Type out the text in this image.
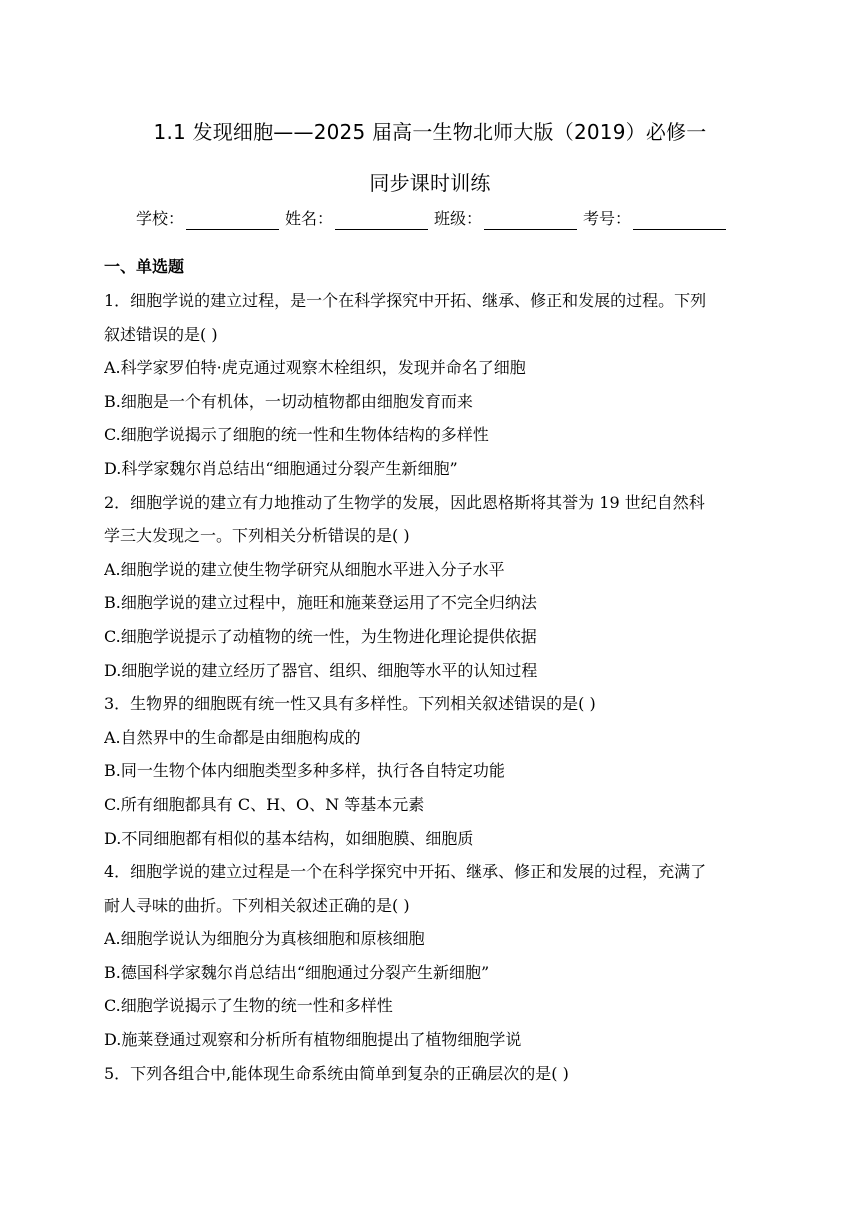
1.1 发现细胞——2025 届高一生物北师大版（2019）必修一
同步课时训练
学校：	姓名：	班级：	考号：
一、单选题
1．细胞学说的建立过程，是一个在科学探究中开拓、继承、修正和发展的过程。下列
叙述错误的是( )
A.科学家罗伯特·虎克通过观察木栓组织，发现并命名了细胞
B.细胞是一个有机体，一切动植物都由细胞发育而来
C.细胞学说揭示了细胞的统一性和生物体结构的多样性
D.科学家魏尔肖总结出“细胞通过分裂产生新细胞”
2．细胞学说的建立有力地推动了生物学的发展，因此恩格斯将其誉为 19 世纪自然科
学三大发现之一。下列相关分析错误的是( )
A.细胞学说的建立使生物学研究从细胞水平进入分子水平
B.细胞学说的建立过程中，施旺和施莱登运用了不完全归纳法
C.细胞学说提示了动植物的统一性，为生物进化理论提供依据
D.细胞学说的建立经历了器官、组织、细胞等水平的认知过程
3．生物界的细胞既有统一性又具有多样性。下列相关叙述错误的是( )
A.自然界中的生命都是由细胞构成的
B.同一生物个体内细胞类型多种多样，执行各自特定功能
C.所有细胞都具有 C、H、O、N 等基本元素
D.不同细胞都有相似的基本结构，如细胞膜、细胞质
4．细胞学说的建立过程是一个在科学探究中开拓、继承、修正和发展的过程，充满了
耐人寻味的曲折。下列相关叙述正确的是( )
A.细胞学说认为细胞分为真核细胞和原核细胞
B.德国科学家魏尔肖总结出“细胞通过分裂产生新细胞”
C.细胞学说揭示了生物的统一性和多样性
D.施莱登通过观察和分析所有植物细胞提出了植物细胞学说
5．下列各组合中,能体现生命系统由简单到复杂的正确层次的是( )
